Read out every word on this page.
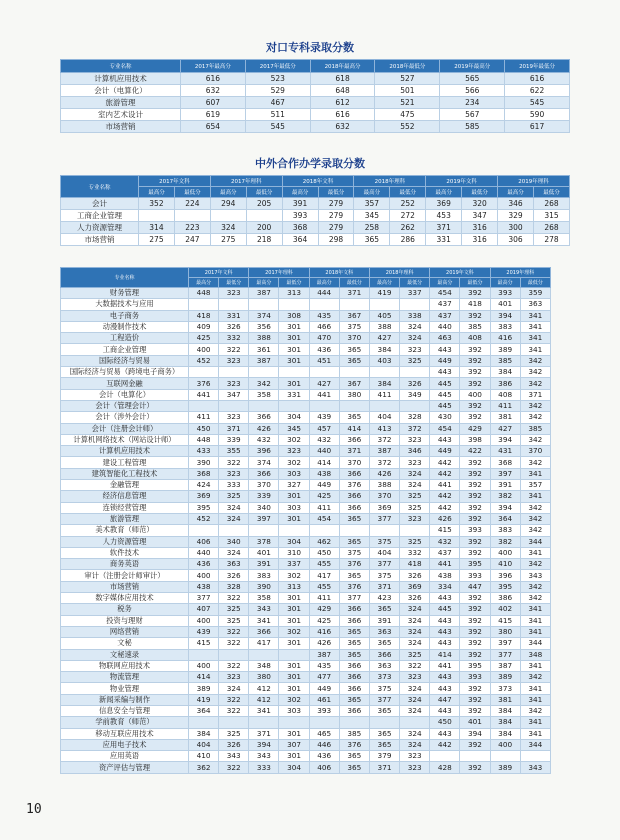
对口专科录取分数
专业名称	2017年最高分	2017年最低分	2018年最高分	2018年最低分	2019年最高分	2019年最低分
计算机应用技术	616	523	618	527	565	616
会计（电算化）	632	529	648	501	566	622
旅游管理	607	467	612	521	234	545
室内艺术设计	619	511	616	475	567	590
市场营销	654	545	632	552	585	617
中外合作办学录取分数
专业名称	2017年文科		2017年理科		2018年文科		2018年理科		2019年文科		2019年理科	
	最高分	最低分	最高分	最低分	最高分	最低分	最高分	最低分	最高分	最低分	最高分	最低分
会计	352	224	294	205	391	279	357	252	369	320	346	268
工商企业管理					393	279	345	272	453	347	329	315
人力资源管理	314	223	324	200	368	279	258	262	371	316	300	268
市场营销	275	247	275	218	364	298	365	286	331	316	306	278
专业名称	2017年文科		2017年理科		2018年文科		2018年理科		2019年文科		2019年理科	
	最高分	最低分	最高分	最低分	最高分	最低分	最高分	最低分	最高分	最低分	最高分	最低分
财务管理	448	323	387	313	444	371	419	337	454	392	393	359
大数据技术与应用									437	418	401	363
电子商务	418	331	374	308	435	367	405	338	437	392	394	341
动漫制作技术	409	326	356	301	466	375	388	324	440	385	383	341
工程造价	425	332	388	301	470	370	427	324	463	408	416	341
工商企业管理	400	322	361	301	436	365	384	323	443	392	389	341
国际经济与贸易	452	323	387	301	451	365	403	325	449	392	385	342
国际经济与贸易（跨境电子商务）									443	392	384	342
互联网金融	376	323	342	301	427	367	384	326	445	392	386	342
会计（电算化）	441	347	358	331	441	380	411	349	445	400	408	371
会计（管理会计）									445	392	411	342
会计（涉外会计）	411	323	366	304	439	365	404	328	430	392	381	342
会计（注册会计师）	450	371	426	345	457	414	413	372	454	429	427	385
计算机网络技术（网站设计师）	448	339	432	302	432	366	372	323	443	398	394	342
计算机应用技术	433	355	396	323	440	371	387	346	449	422	431	370
建设工程管理	390	322	374	302	414	370	372	323	442	392	368	342
建筑智能化工程技术	368	323	366	303	438	366	426	324	442	392	397	341
金融管理	424	333	370	327	449	376	388	324	441	392	391	357
经济信息管理	369	325	339	301	425	366	370	325	442	392	382	341
连锁经营管理	395	324	340	303	411	366	369	325	442	392	394	342
旅游管理	452	324	397	301	454	365	377	323	426	392	364	342
美术教育（师范）									415	393	383	342
人力资源管理	406	340	378	304	462	365	375	325	432	392	382	344
软件技术	440	324	401	310	450	375	404	332	437	392	400	341
商务英语	436	363	391	337	455	376	377	418	441	395	410	342
审计（注册会计师审计）	400	326	383	302	417	365	375	326	438	393	396	343
市场营销	438	328	390	313	455	376	371	369	334	447	395	342
数字媒体应用技术	377	322	358	301	411	377	423	326	443	392	386	342
税务	407	325	343	301	429	366	365	324	445	392	402	341
投资与理财	400	325	341	301	425	366	391	324	443	392	415	341
网络营销	439	322	366	302	416	365	363	324	443	392	380	341
文秘	415	322	417	301	426	365	365	324	443	392	397	344
文秘速录					387	365	366	325	414	392	377	348
物联网应用技术	400	322	348	301	435	366	363	322	441	395	387	341
物流管理	414	323	380	301	477	366	373	323	443	393	389	342
物业管理	389	324	412	301	449	366	375	324	443	392	373	341
新闻采编与制作	419	322	412	302	461	365	377	324	447	392	381	341
信息安全与管理	364	322	341	303	393	366	365	324	443	392	384	342
学前教育（师范）									450	401	384	341
移动互联应用技术	384	325	371	301	465	385	365	324	443	394	384	341
应用电子技术	404	326	394	307	446	376	365	324	442	392	400	344
应用英语	410	343	343	301	436	365	379	323				
资产评估与管理	362	322	333	304	406	365	371	323	428	392	389	343
10
